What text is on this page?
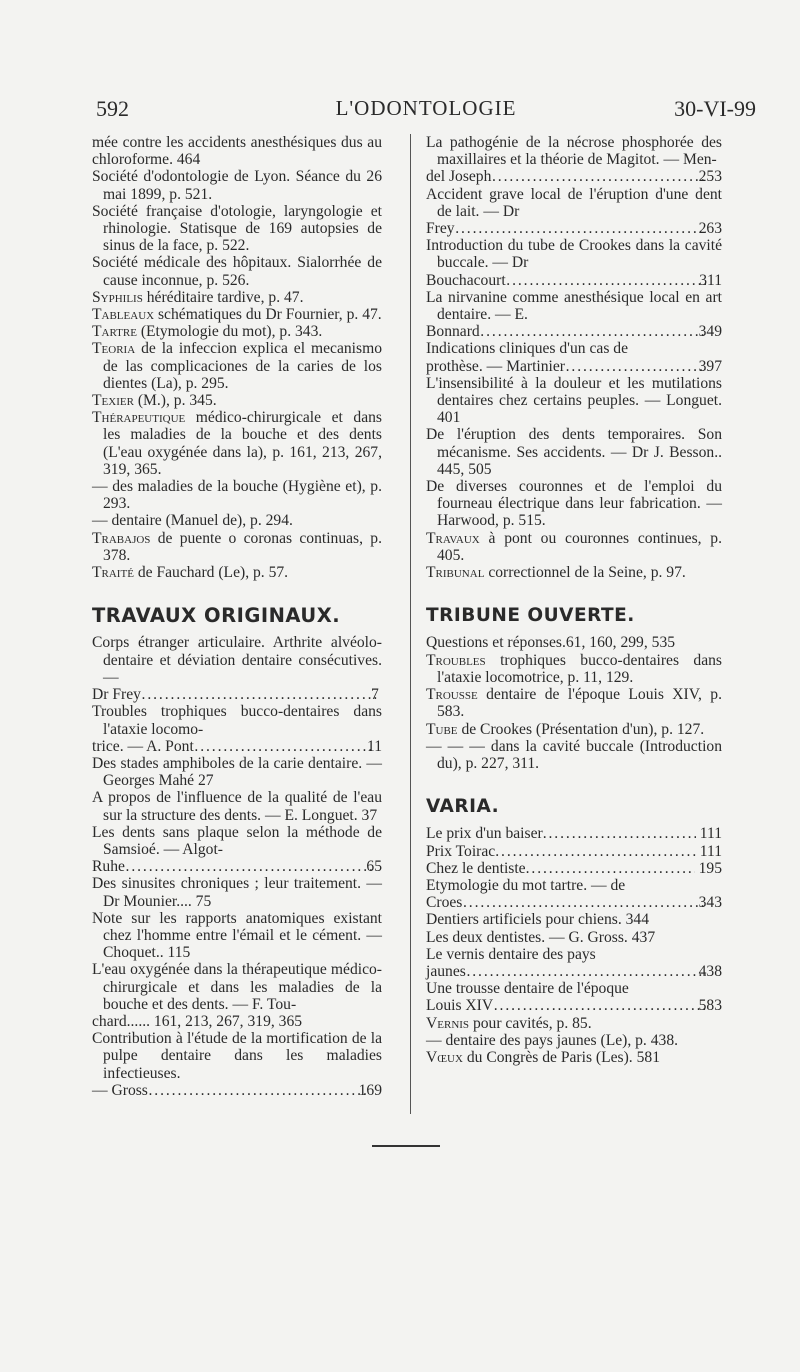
592	L'ODONTOLOGIE	30-VI-99

mée contre les accidents anesthésiques dus au chloroforme. 464

Société d'odontologie de Lyon. Séance du 26 mai 1899, p. 521.

Société française d'otologie, laryngologie et rhinologie. Statisque de 169 autopsies de sinus de la face, p. 522.

Société médicale des hôpitaux. Sialorrhée de cause inconnue, p. 526.

Syphilis héréditaire tardive, p. 47.

Tableaux schématiques du Dr Fournier, p. 47.

Tartre (Etymologie du mot), p. 343.

Teoria de la infeccion explica el mecanismo de las complicaciones de la caries de los dientes (La), p. 295.

Texier (M.), p. 345.

Thérapeutique médico-chirurgicale et dans les maladies de la bouche et des dents (L'eau oxygénée dans la), p. 161, 213, 267, 319, 365.

— des maladies de la bouche (Hygiène et), p. 293.

— dentaire (Manuel de), p. 294.

Trabajos de puente o coronas continuas, p. 378.

Traité de Fauchard (Le), p. 57.

TRAVAUX ORIGINAUX.
Corps étranger articulaire. Arthrite alvéolo-dentaire et déviation dentaire consécutives. —
Dr Frey . . .	7
Troubles trophiques bucco-dentaires dans l'ataxie locomo-
trice. — A. Pont . . .	11

Des stades amphiboles de la carie dentaire. — Georges Mahé 27

A propos de l'influence de la qualité de l'eau sur la structure des dents. — E. Longuet. 37

Les dents sans plaque selon la méthode de Samsioé. — Algot-
Ruhe . . .	65

Des sinusites chroniques ; leur traitement. — Dr Mounier.... 75

Note sur les rapports anatomiques existant chez l'homme entre l'émail et le cément. — Choquet.. 115

L'eau oxygénée dans la thérapeutique médico-chirurgicale et dans les maladies de la bouche et des dents. — F. Tou-
chard...... 161, 213, 267, 319, 365
Contribution à l'étude de la mortification de la pulpe dentaire dans les maladies infectieuses.
— Gross . . .	169
La pathogénie de la nécrose phosphorée des maxillaires et la théorie de Magitot. — Men-
del Joseph . . .	253
Accident grave local de l'éruption d'une dent de lait. — Dr
Frey . . .	263
Introduction du tube de Crookes dans la cavité buccale. — Dr
Bouchacourt . . .	311
La nirvanine comme anesthésique local en art dentaire. — E.
Bonnard . . .	349
Indications cliniques d'un cas de
prothèse. — Martinier . . .	397

L'insensibilité à la douleur et les mutilations dentaires chez certains peuples. — Longuet. 401

De l'éruption des dents temporaires. Son mécanisme. Ses accidents. — Dr J. Besson.. 445, 505

De diverses couronnes et de l'emploi du fourneau électrique dans leur fabrication. — Harwood, p. 515.

Travaux à pont ou couronnes continues, p. 405.

Tribunal correctionnel de la Seine, p. 97.

TRIBUNE OUVERTE.

Questions et réponses.61, 160, 299, 535

Troubles trophiques bucco-dentaires dans l'ataxie locomotrice, p. 11, 129.

Trousse dentaire de l'époque Louis XIV, p. 583.

Tube de Crookes (Présentation d'un), p. 127.

— — — dans la cavité buccale (Introduction du), p. 227, 311.

VARIA.
Le prix d'un baiser . . .	111
Prix Toirac . . .	111
Chez le dentiste . . .	195
Etymologie du mot tartre. — de
Croes . . .	343

Dentiers artificiels pour chiens. 344

Les deux dentistes. — G. Gross. 437

Le vernis dentaire des pays
jaunes . . .	438
Une trousse dentaire de l'époque
Louis XIV . . .	583

Vernis pour cavités, p. 85.

— dentaire des pays jaunes (Le), p. 438.

Vœux du Congrès de Paris (Les). 581
